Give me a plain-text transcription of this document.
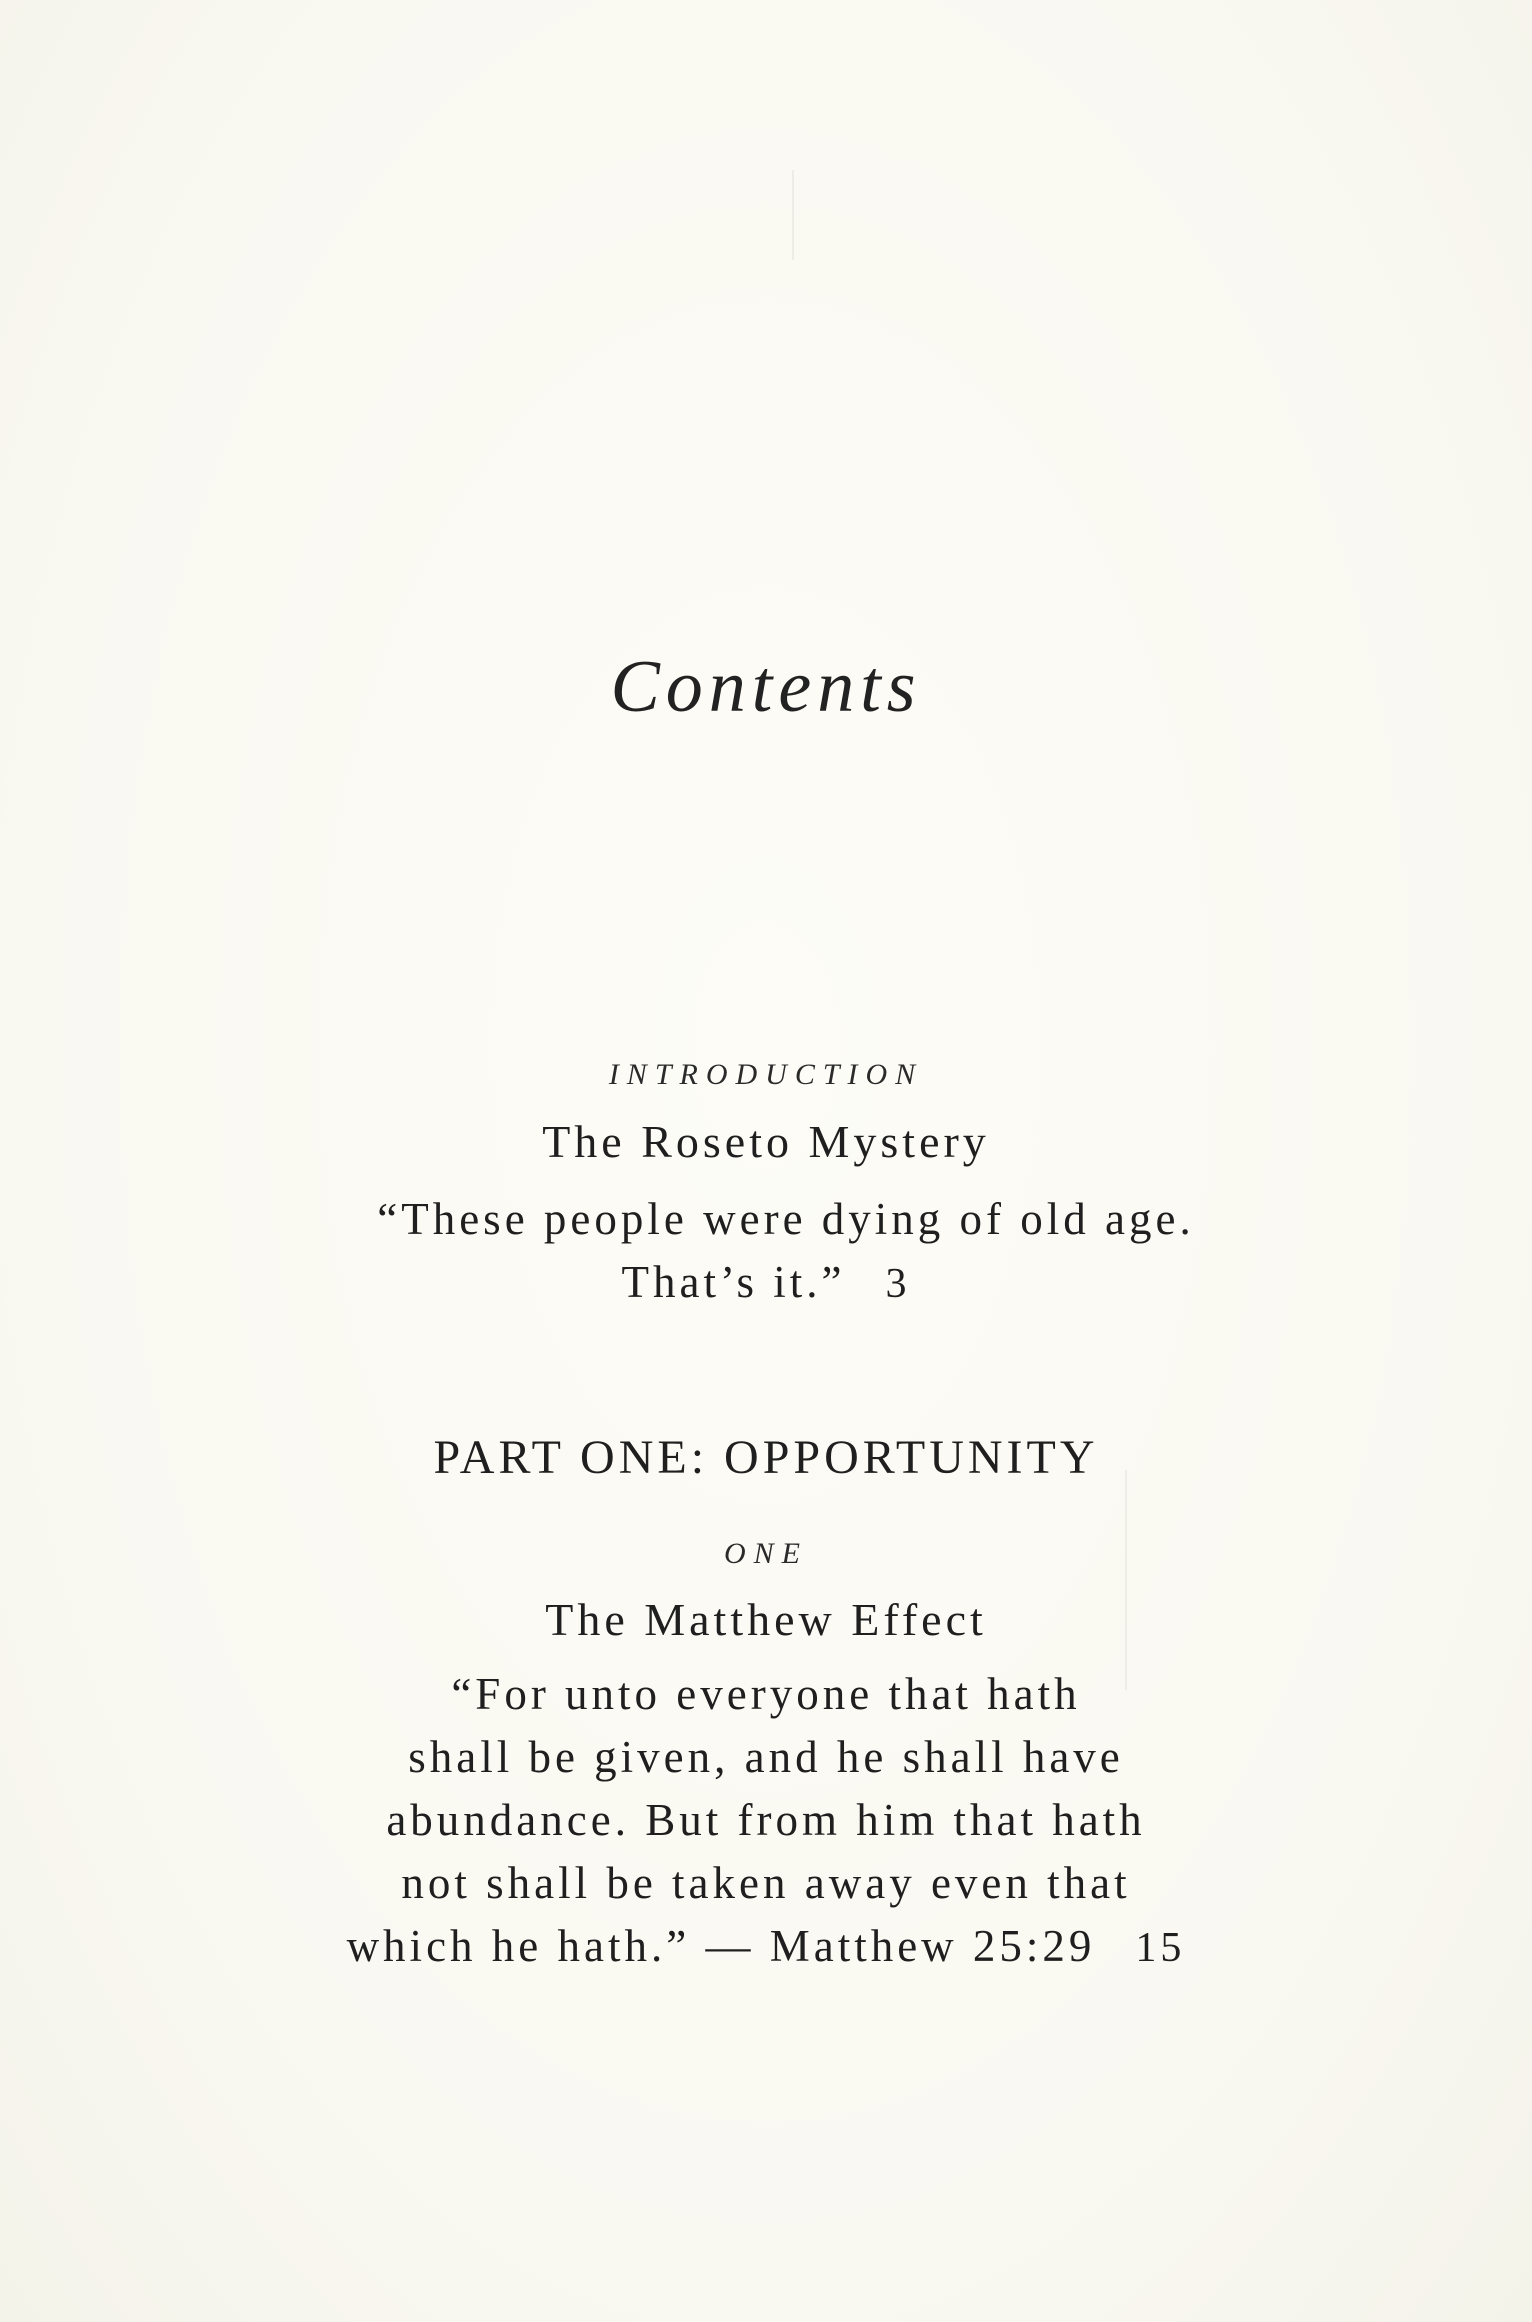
Contents
INTRODUCTION
The Roseto Mystery
“These people were dying of old age.
That’s it.” 3
PART ONE: OPPORTUNITY
ONE
The Matthew Effect
“For unto everyone that hath
shall be given, and he shall have
abundance. But from him that hath
not shall be taken away even that
which he hath.” — Matthew 25:29 15
